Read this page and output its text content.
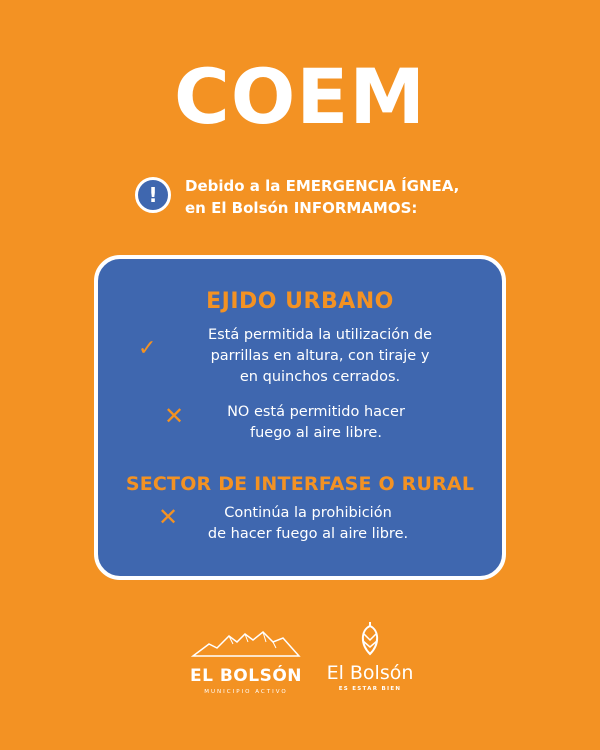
COEM
!	Debido a la EMERGENCIA ÍGNEA,
en El Bolsón INFORMAMOS:
EJIDO URBANO
✓
Está permitida la utilización de
parrillas en altura, con tiraje y
en quinchos cerrados.
✕	NO está permitido hacer
fuego al aire libre.
SECTOR DE INTERFASE O RURAL
✕	Continúa la prohibición
de hacer fuego al aire libre.
EL BOLSÓN
MUNICIPIO ACTIVO
El Bolsón
ES ESTAR BIEN
